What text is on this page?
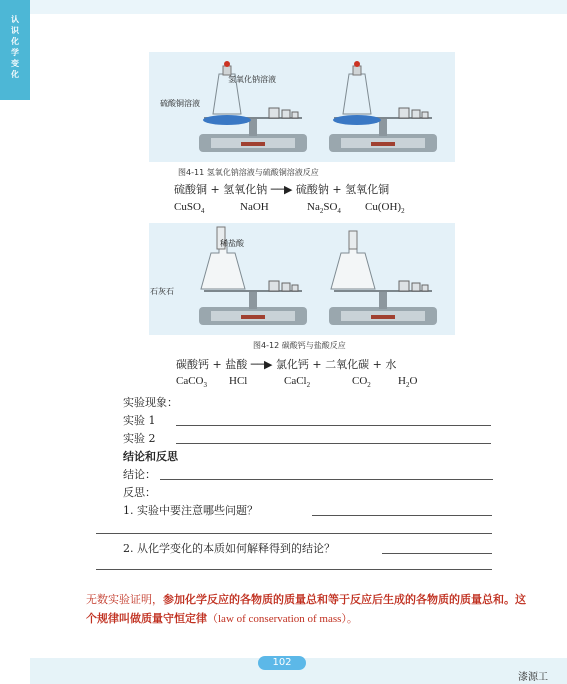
认
识
化
学
变
化
氢氧化钠溶液
硫酸铜溶液
图4-11 氢氧化钠溶液与硫酸铜溶液反应
硫酸铜 + 氢氧化钠 ──▶ 硫酸钠 + 氢氧化铜
CuSO$_4$	NaOH	$Na_2SO_4$ $Cu(OH)_2$
稀盐酸
石灰石
图4-12 碳酸钙与盐酸反应
碳酸钙 + 盐酸 ──▶ 氯化钙 + 二氧化碳 + 水
CaCO$_3$ HCl	CaCl$_2$	$CO_2$ $H_2O$
实验现象：
实验 1
实验 2
结论和反思
结论：
反思：
1. 实验中要注意哪些问题？
2. 从化学变化的本质如何解释得到的结论？
无数实验证明，参加化学反应的各物质的质量总和等于反应后生成的各物质的质量总和。这个规律叫做质量守恒定律（law of conservation of mass）。
102
漆源工
